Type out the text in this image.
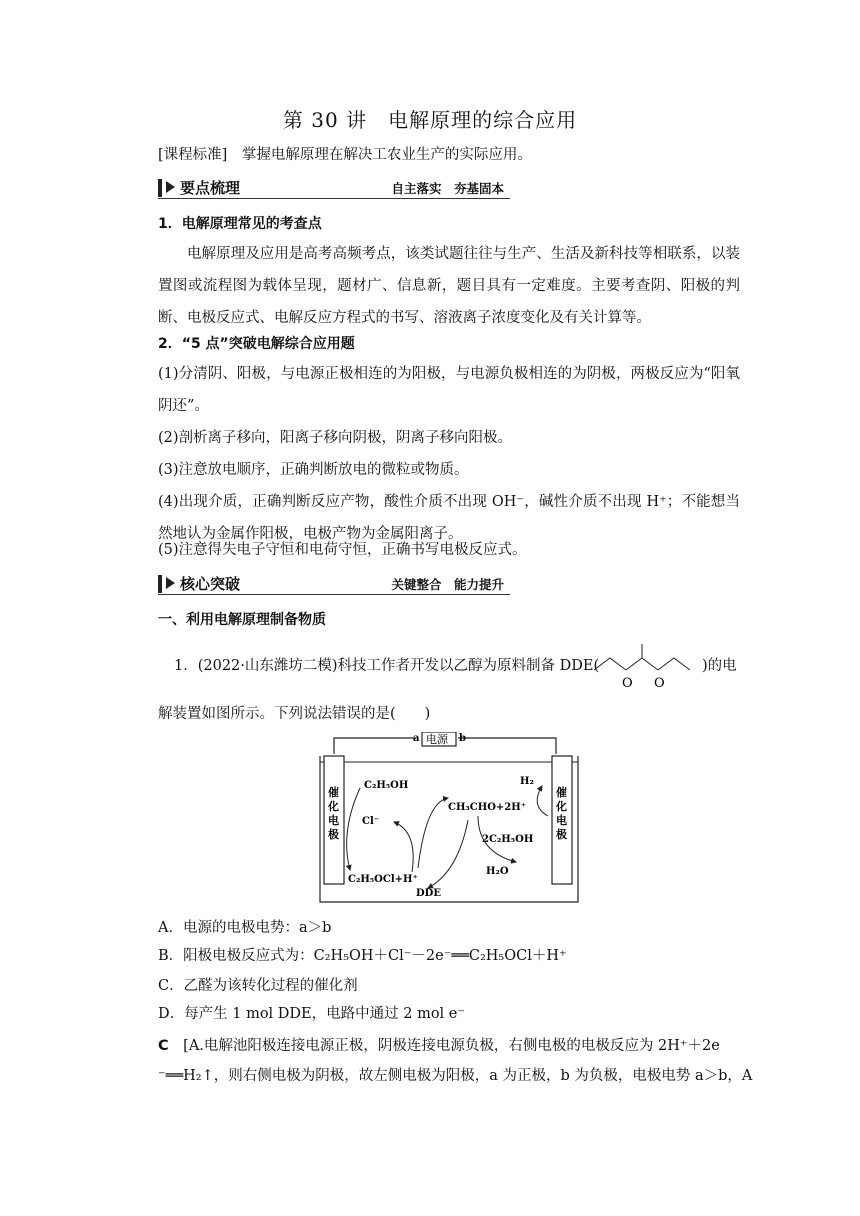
第 30 讲　电解原理的综合应用
[课程标准]　 掌握电解原理在解决工农业生产的实际应用。
要点梳理	自主落实　夯基固本
1．电解原理常见的考查点
电解原理及应用是高考高频考点，该类试题往往与生产、生活及新科技等相联系，以装置图或流程图为载体呈现，题材广、信息新，题目具有一定难度。主要考查阴、阳极的判断、电极反应式、电解反应方程式的书写、溶液离子浓度变化及有关计算等。
2．“5 点”突破电解综合应用题
(1)分清阴、阳极，与电源正极相连的为阳极，与电源负极相连的为阴极，两极反应为“阳氧阴还”。
(2)剖析离子移向，阳离子移向阴极，阴离子移向阳极。
(3)注意放电顺序，正确判断放电的微粒或物质。
(4)出现介质，正确判断反应产物，酸性介质不出现 OH⁻，碱性介质不出现 H⁺；不能想当然地认为金属作阳极，电极产物为金属阳离子。
(5)注意得失电子守恒和电荷守恒，正确书写电极反应式。
核心突破	关键整合　能力提升
一、利用电解原理制备物质
1．(2022·山东潍坊二模)科技工作者开发以乙醇为原料制备 DDE(
O O
)的电
解装置如图所示。下列说法错误的是(　　)
电源
a	b
催
化
电
极
催
化
电
极
C₂H₅OH
Cl⁻
C₂H₅OCl+H⁺
CH₃CHO+2H⁺
2C₂H₅OH
H₂O
DDE
H₂
A．电源的电极电势：a＞b
B．阳极电极反应式为：C₂H₅OH＋Cl⁻－2e⁻══C₂H₅OCl＋H⁺
C．乙醛为该转化过程的催化剂
D．每产生 1 mol DDE，电路中通过 2 mol e⁻
C　 [A.电解池阳极连接电源正极，阴极连接电源负极，右侧电极的电极反应为 2H⁺＋2e
⁻══H₂↑，则右侧电极为阴极，故左侧电极为阳极，a 为正极，b 为负极，电极电势 a＞b，A
